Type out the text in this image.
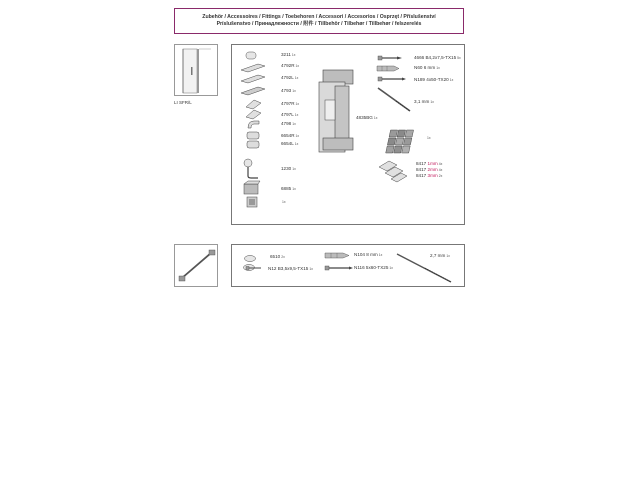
Zubehör / Accessoires / Fittings / Toebehoren / Accessori / Accesorios / Osprzęt / Příslušenství
Príslušenstvo / Принадлежности / 附件 / Tillbehör / Tilbehør / Tillbehør / felszerelés
LI SFR/L
32111x
4792R1x
4792L1x
47931x
4797R1x
4797L1x
47981x
6654R1x
6654L1x
12301x
68851x
1x
4835BG1x
4666 B4,2x7,5-TX155x
N60 6 mm1x
N189 4x50-TX201x
3,1 mm1x
1x
8417 1mm4x
8417 2mm4x
8417 3mm2x
65102x
N12 B3,5x9,5-TX151x
N104 8 mm1x
N116 5x60-TX251x
2,7 mm1x
